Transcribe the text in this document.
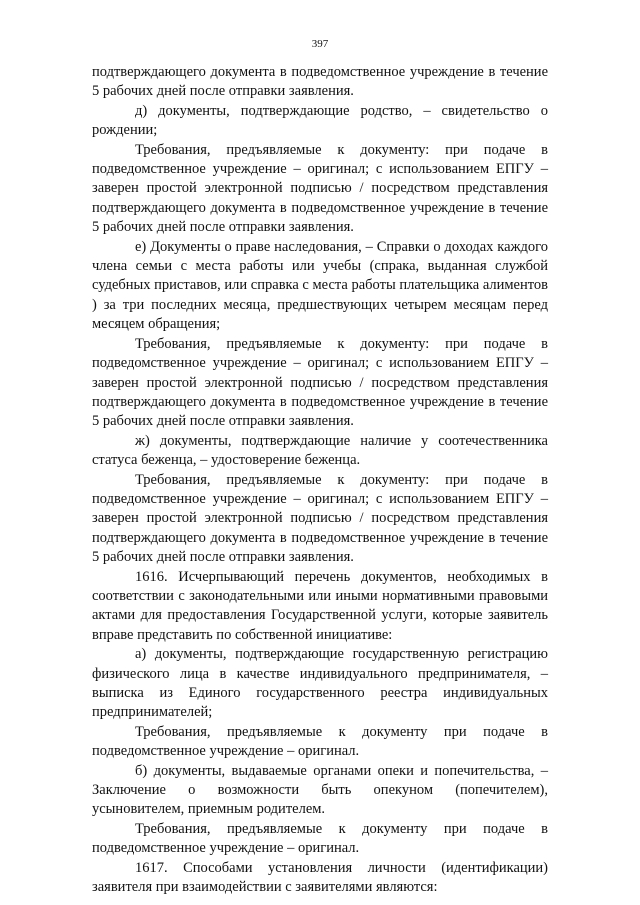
397

подтверждающего документа в подведомственное учреждение в течение 5 рабочих дней после отправки заявления.

д) документы, подтверждающие родство, – свидетельство о рождении;

Требования, предъявляемые к документу: при подаче в подведомственное учреждение – оригинал; с использованием ЕПГУ – заверен простой электронной подписью / посредством представления подтверждающего документа в подведомственное учреждение в течение 5 рабочих дней после отправки заявления.

е) Документы о праве наследования, – Справки о доходах каждого члена семьи с места работы или учебы (спрака, выданная службой судебных приставов, или справка с места работы плательщика алиментов ) за три последних месяца, предшествующих четырем месяцам перед месяцем обращения;

Требования, предъявляемые к документу: при подаче в подведомственное учреждение – оригинал; с использованием ЕПГУ – заверен простой электронной подписью / посредством представления подтверждающего документа в подведомственное учреждение в течение 5 рабочих дней после отправки заявления.

ж) документы, подтверждающие наличие у соотечественника статуса беженца, – удостоверение беженца.

Требования, предъявляемые к документу: при подаче в подведомственное учреждение – оригинал; с использованием ЕПГУ – заверен простой электронной подписью / посредством представления подтверждающего документа в подведомственное учреждение в течение 5 рабочих дней после отправки заявления.

1616. Исчерпывающий перечень документов, необходимых в соответствии с законодательными или иными нормативными правовыми актами для предоставления Государственной услуги, которые заявитель вправе представить по собственной инициативе:

а) документы, подтверждающие государственную регистрацию физического лица в качестве индивидуального предпринимателя, – выписка из Единого государственного реестра индивидуальных предпринимателей;

Требования, предъявляемые к документу при подаче в подведомственное учреждение – оригинал.

б) документы, выдаваемые органами опеки и попечительства, – Заключение о возможности быть опекуном (попечителем), усыновителем, приемным родителем.

Требования, предъявляемые к документу при подаче в подведомственное учреждение – оригинал.

1617. Способами установления личности (идентификации) заявителя при взаимодействии с заявителями являются:
